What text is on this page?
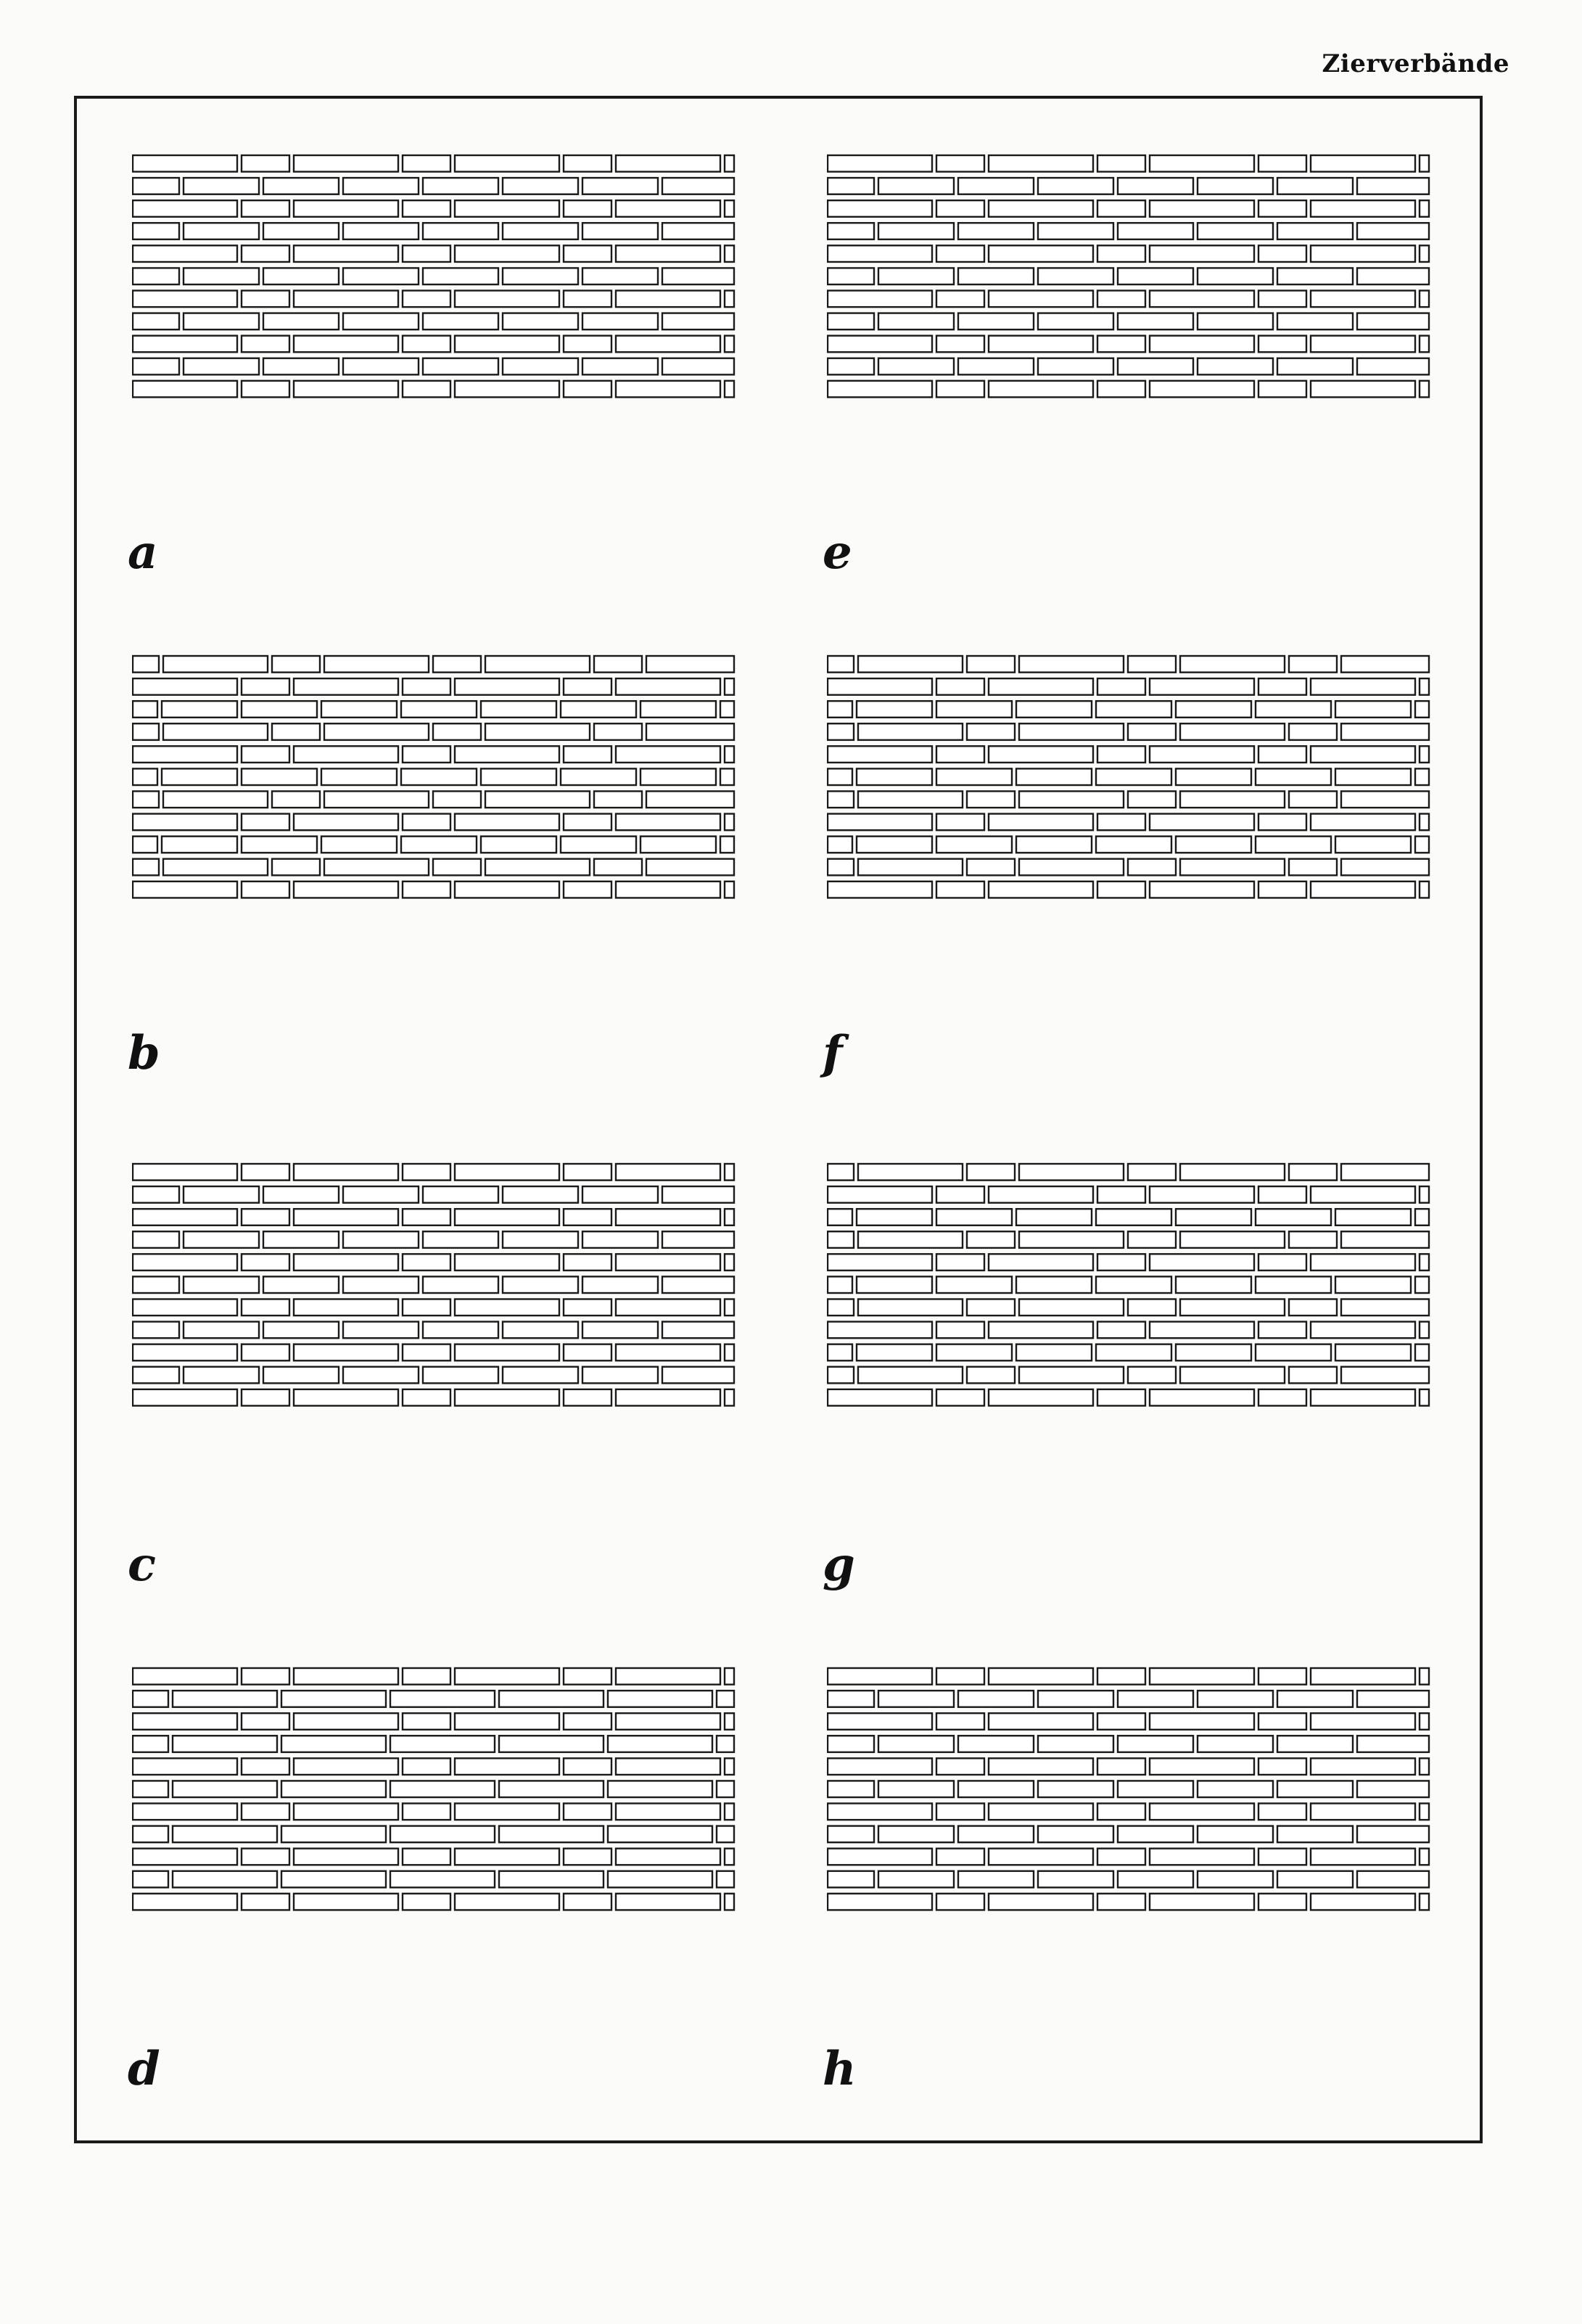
Zierverbände
a
b
c
d
e
f
g
h
